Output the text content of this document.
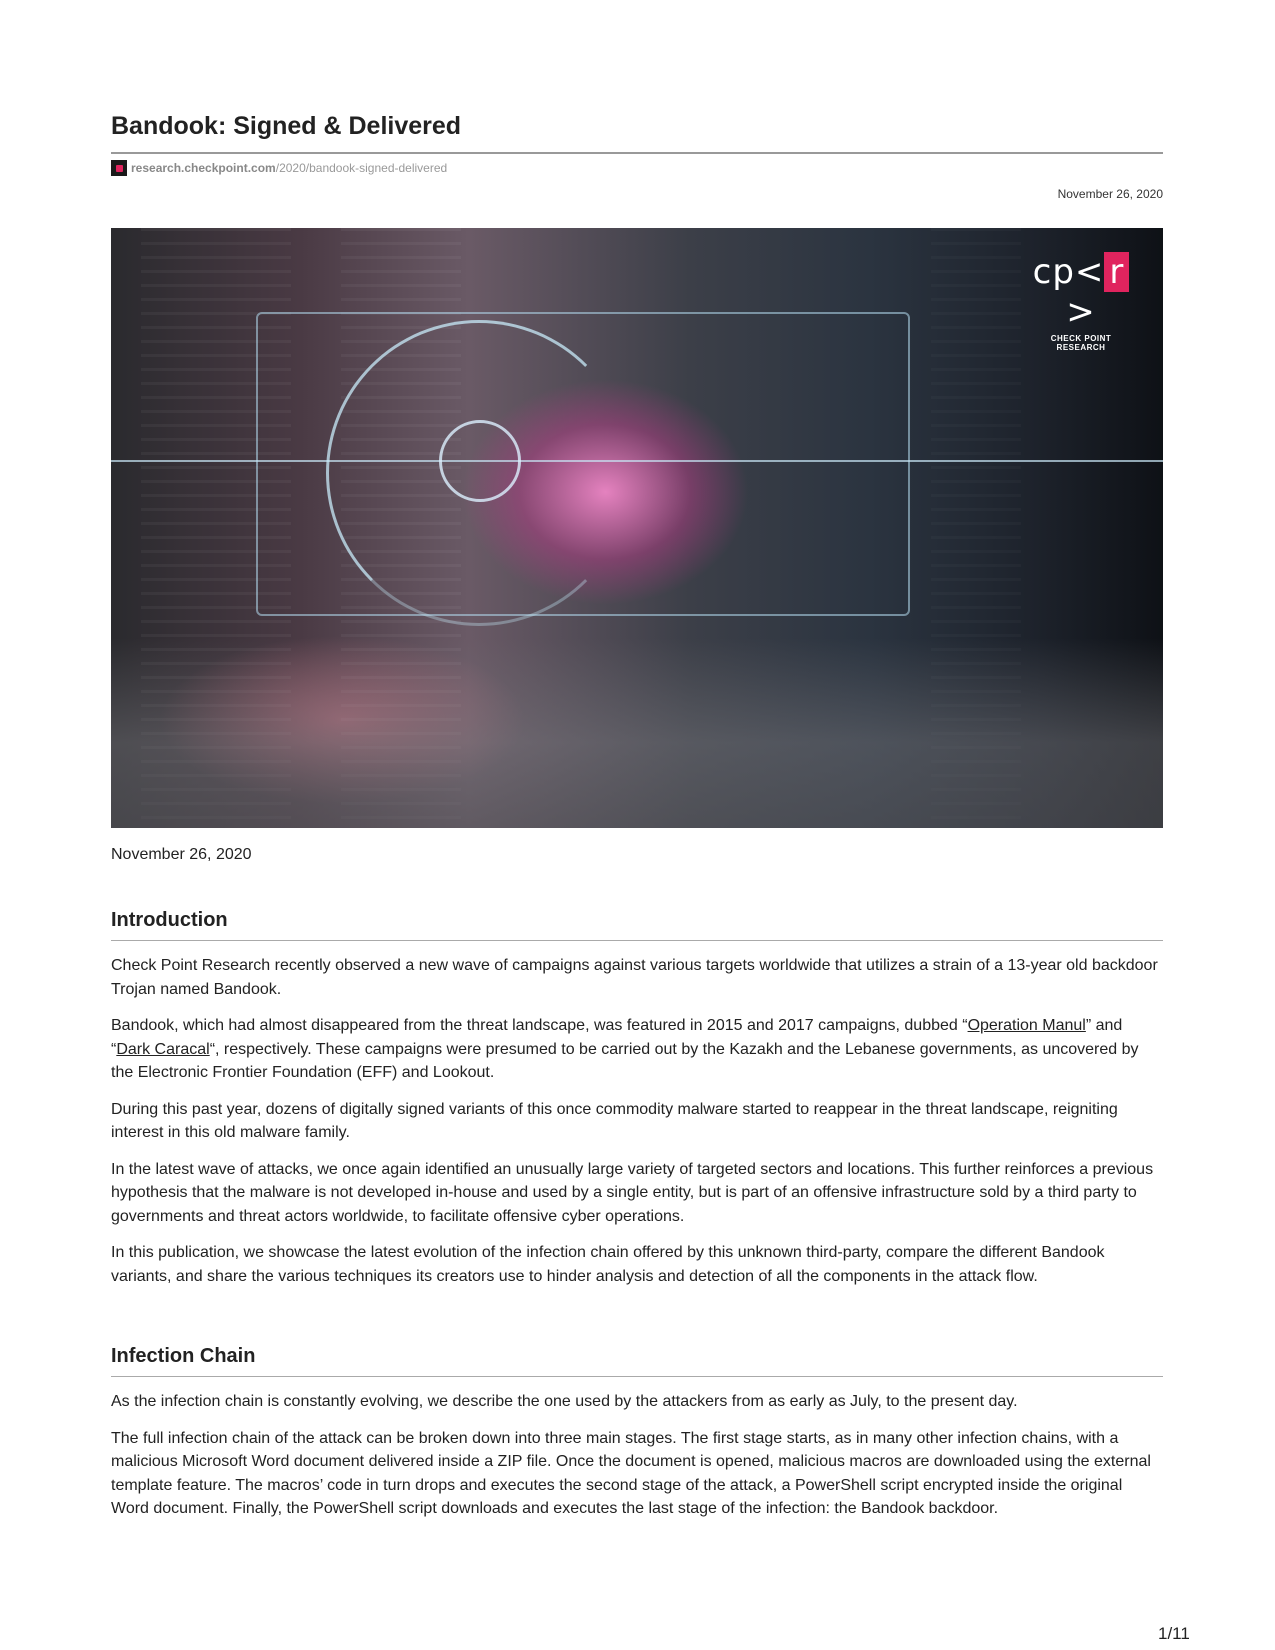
Bandook: Signed & Delivered
research.checkpoint.com /2020/bandook-signed-delivered
November 26, 2020
cp< r>
CHECK POINT RESEARCH
November 26, 2020
Introduction

Check Point Research recently observed a new wave of campaigns against various targets worldwide that utilizes a strain of a 13-year old backdoor Trojan named Bandook.

Bandook, which had almost disappeared from the threat landscape, was featured in 2015 and 2017 campaigns, dubbed “Operation Manul” and “Dark Caracal“, respectively. These campaigns were presumed to be carried out by the Kazakh and the Lebanese governments, as uncovered by the Electronic Frontier Foundation (EFF) and Lookout.

During this past year, dozens of digitally signed variants of this once commodity malware started to reappear in the threat landscape, reigniting interest in this old malware family.

In the latest wave of attacks, we once again identified an unusually large variety of targeted sectors and locations. This further reinforces a previous hypothesis that the malware is not developed in-house and used by a single entity, but is part of an offensive infrastructure sold by a third party to governments and threat actors worldwide, to facilitate offensive cyber operations.

In this publication, we showcase the latest evolution of the infection chain offered by this unknown third-party, compare the different Bandook variants, and share the various techniques its creators use to hinder analysis and detection of all the components in the attack flow.

Infection Chain

As the infection chain is constantly evolving, we describe the one used by the attackers from as early as July, to the present day.

The full infection chain of the attack can be broken down into three main stages. The first stage starts, as in many other infection chains, with a malicious Microsoft Word document delivered inside a ZIP file. Once the document is opened, malicious macros are downloaded using the external template feature. The macros’ code in turn drops and executes the second stage of the attack, a PowerShell script encrypted inside the original Word document. Finally, the PowerShell script downloads and executes the last stage of the infection: the Bandook backdoor.

1/11
